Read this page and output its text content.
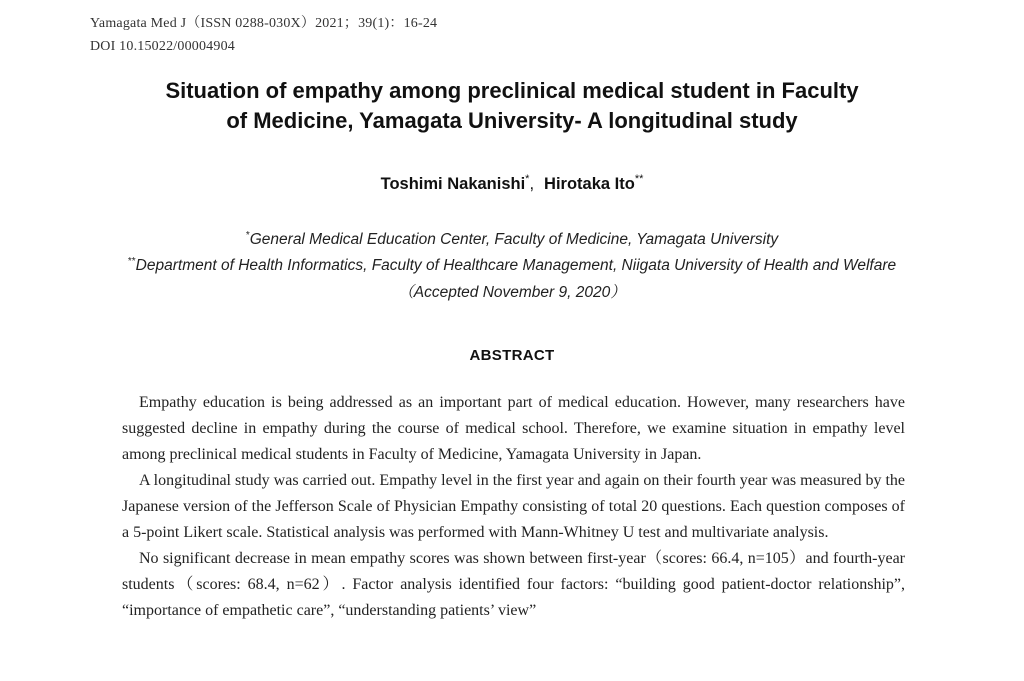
Yamagata Med J（ISSN 0288-030X）2021；39(1)：16-24
DOI 10.15022/00004904
Situation of empathy among preclinical medical student in Faculty
of Medicine, Yamagata University- A longitudinal study
Toshimi Nakanishi*, Hirotaka Ito**
*General Medical Education Center, Faculty of Medicine, Yamagata University
**Department of Health Informatics, Faculty of Healthcare Management, Niigata University of Health and Welfare
（Accepted November 9, 2020）
ABSTRACT

Empathy education is being addressed as an important part of medical education. However, many researchers have suggested decline in empathy during the course of medical school. Therefore, we examine situation in empathy level among preclinical medical students in Faculty of Medicine, Yamagata University in Japan.

A longitudinal study was carried out. Empathy level in the first year and again on their fourth year was measured by the Japanese version of the Jefferson Scale of Physician Empathy consisting of total 20 questions. Each question composes of a 5-point Likert scale. Statistical analysis was performed with Mann-Whitney U test and multivariate analysis.

No significant decrease in mean empathy scores was shown between first-year（scores: 66.4, n=105）and fourth-year students（scores: 68.4, n=62）. Factor analysis identified four factors: “building good patient-doctor relationship”, “importance of empathetic care”, “understanding patients’ view”
